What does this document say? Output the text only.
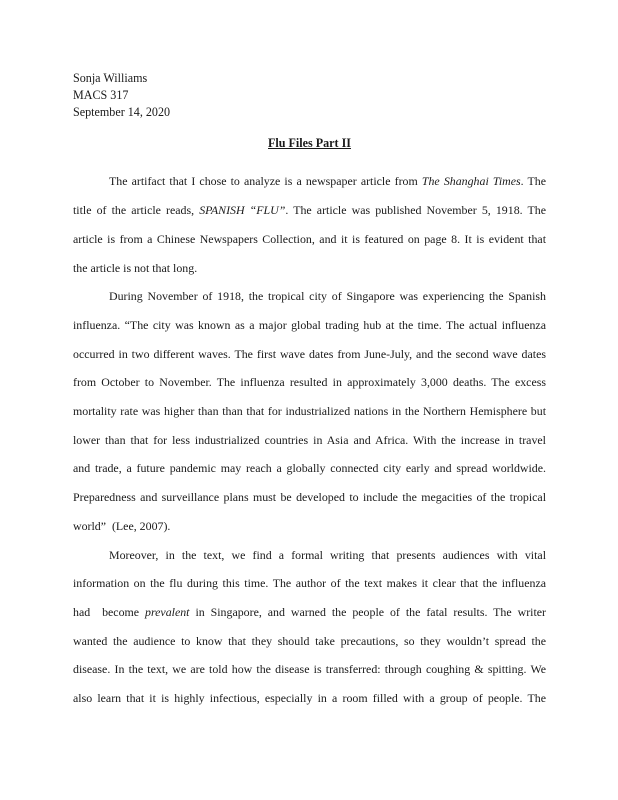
Sonja Williams
MACS 317
September 14, 2020
Flu Files Part II
The artifact that I chose to analyze is a newspaper article from The Shanghai Times. The
title of the article reads, SPANISH “FLU”. The article was published November 5, 1918. The
article is from a Chinese Newspapers Collection, and it is featured on page 8. It is evident that
the article is not that long.
During November of 1918, the tropical city of Singapore was experiencing the Spanish
influenza. “The city was known as a major global trading hub at the time. The actual influenza
occurred in two different waves. The first wave dates from June-July, and the second wave dates
from October to November. The influenza resulted in approximately 3,000 deaths. The excess
mortality rate was higher than than that for industrialized nations in the Northern Hemisphere but
lower than that for less industrialized countries in Asia and Africa. With the increase in travel
and trade, a future pandemic may reach a globally connected city early and spread worldwide.
Preparedness and surveillance plans must be developed to include the megacities of the tropical
world”  (Lee, 2007).
Moreover, in the text, we find a formal writing that presents audiences with vital
information on the flu during this time. The author of the text makes it clear that the influenza
had  become prevalent in Singapore, and warned the people of the fatal results. The writer
wanted the audience to know that they should take precautions, so they wouldn’t spread the
disease. In the text, we are told how the disease is transferred: through coughing & spitting. We
also learn that it is highly infectious, especially in a room filled with a group of people. The
